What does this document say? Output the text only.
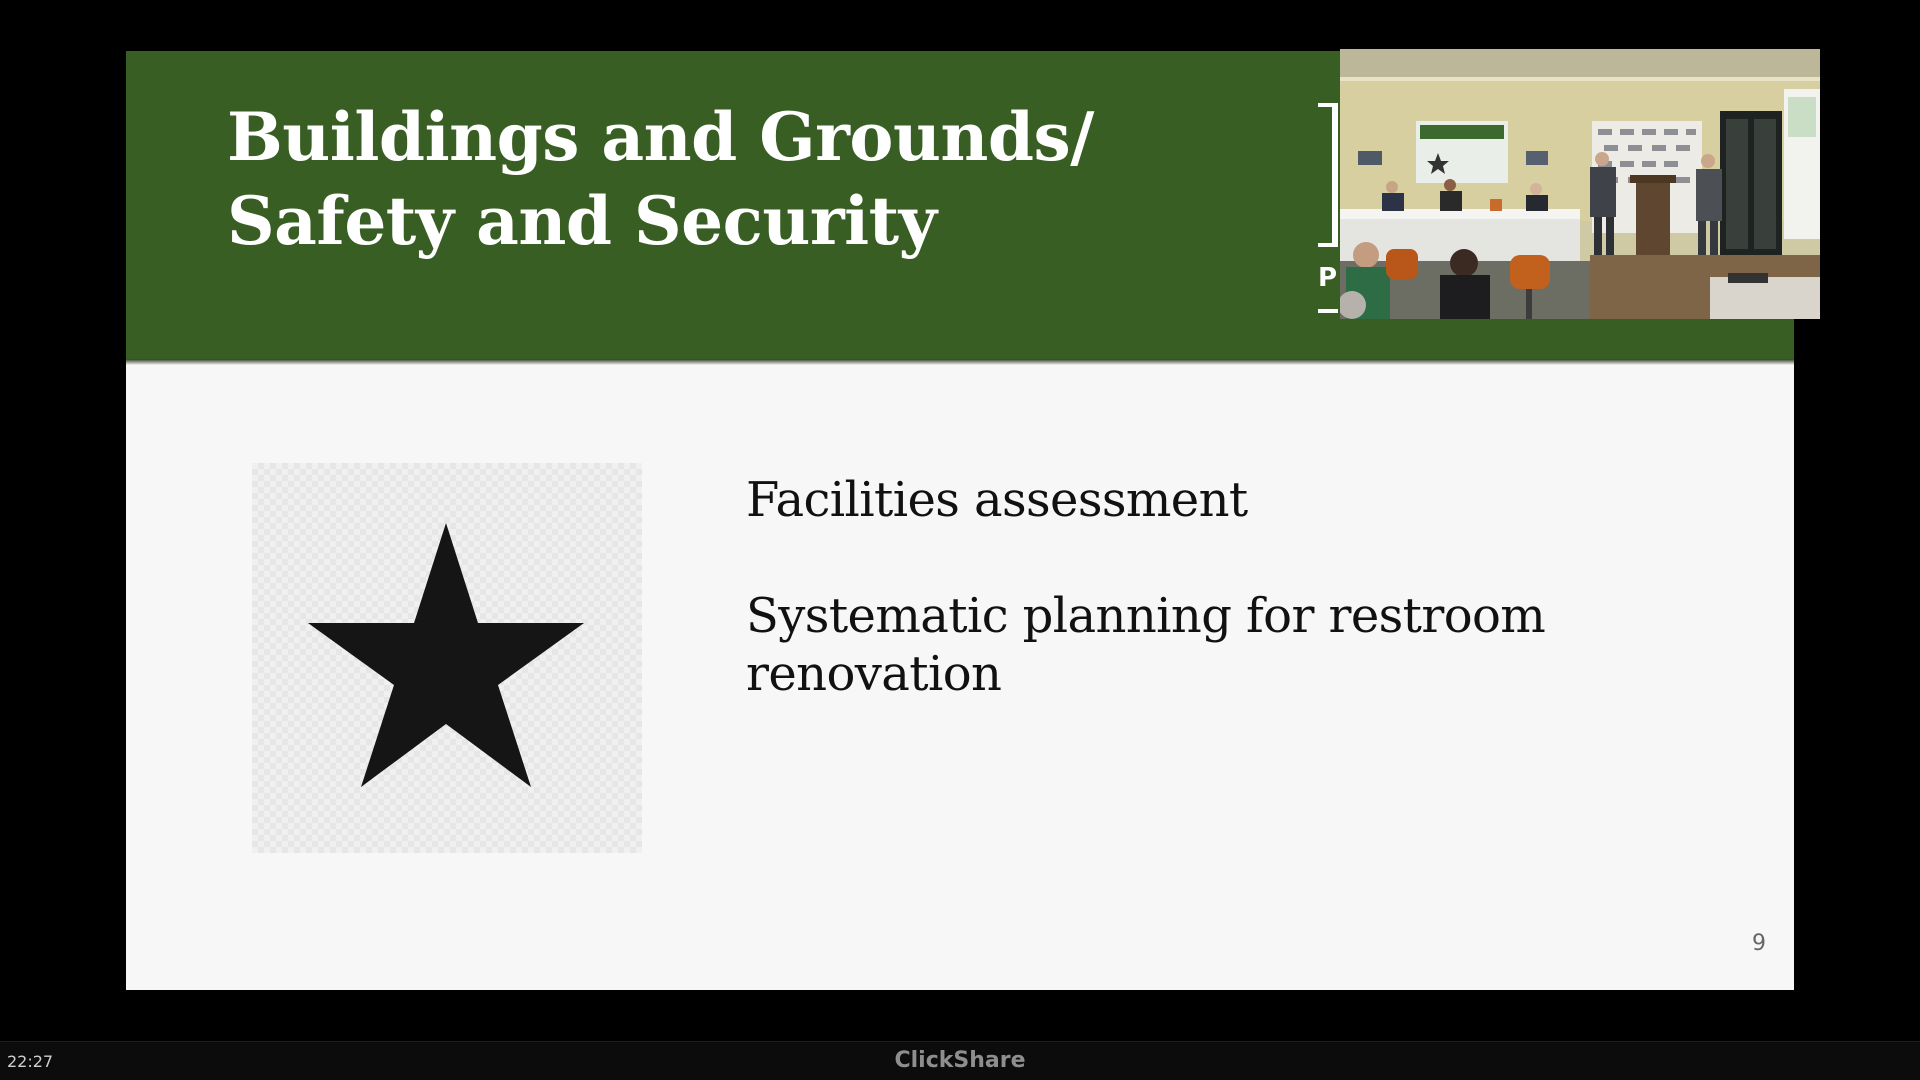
Buildings and Grounds/
Safety and Security
P
Facilities assessment
Systematic planning for restroom renovation
9
22:27	ClickShare
